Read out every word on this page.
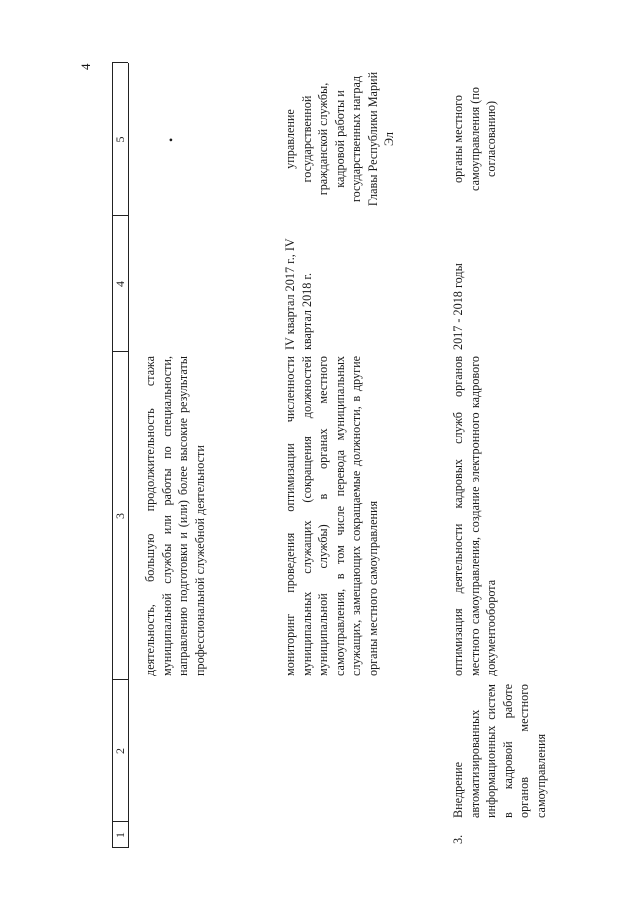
4
1
2
3
4
5
деятельность, большую продолжительность стажа муниципальной службы или работы по специальности, направлению подготовки и (или) более высокие результаты профессиональной служебной деятельности
•
мониторинг проведения оптимизации численности муниципальных служащих (сокращения должностей муниципальной службы) в органах местного самоуправления, в том числе перевода муниципальных служащих, замещающих сокращаемые должности, в другие органы местного самоуправления
IV квартал 2017 г., IV квартал 2018 г.
управление государственной гражданской службы, кадровой работы и государственных наград Главы Республики Марий Эл
3.
Внедрение автоматизированных информационных систем в кадровой работе органов местного самоуправления
оптимизация деятельности кадровых служб органов местного самоуправления, создание электронного кадрового документооборота
2017 - 2018 годы
органы местного самоуправления (по согласованию)
